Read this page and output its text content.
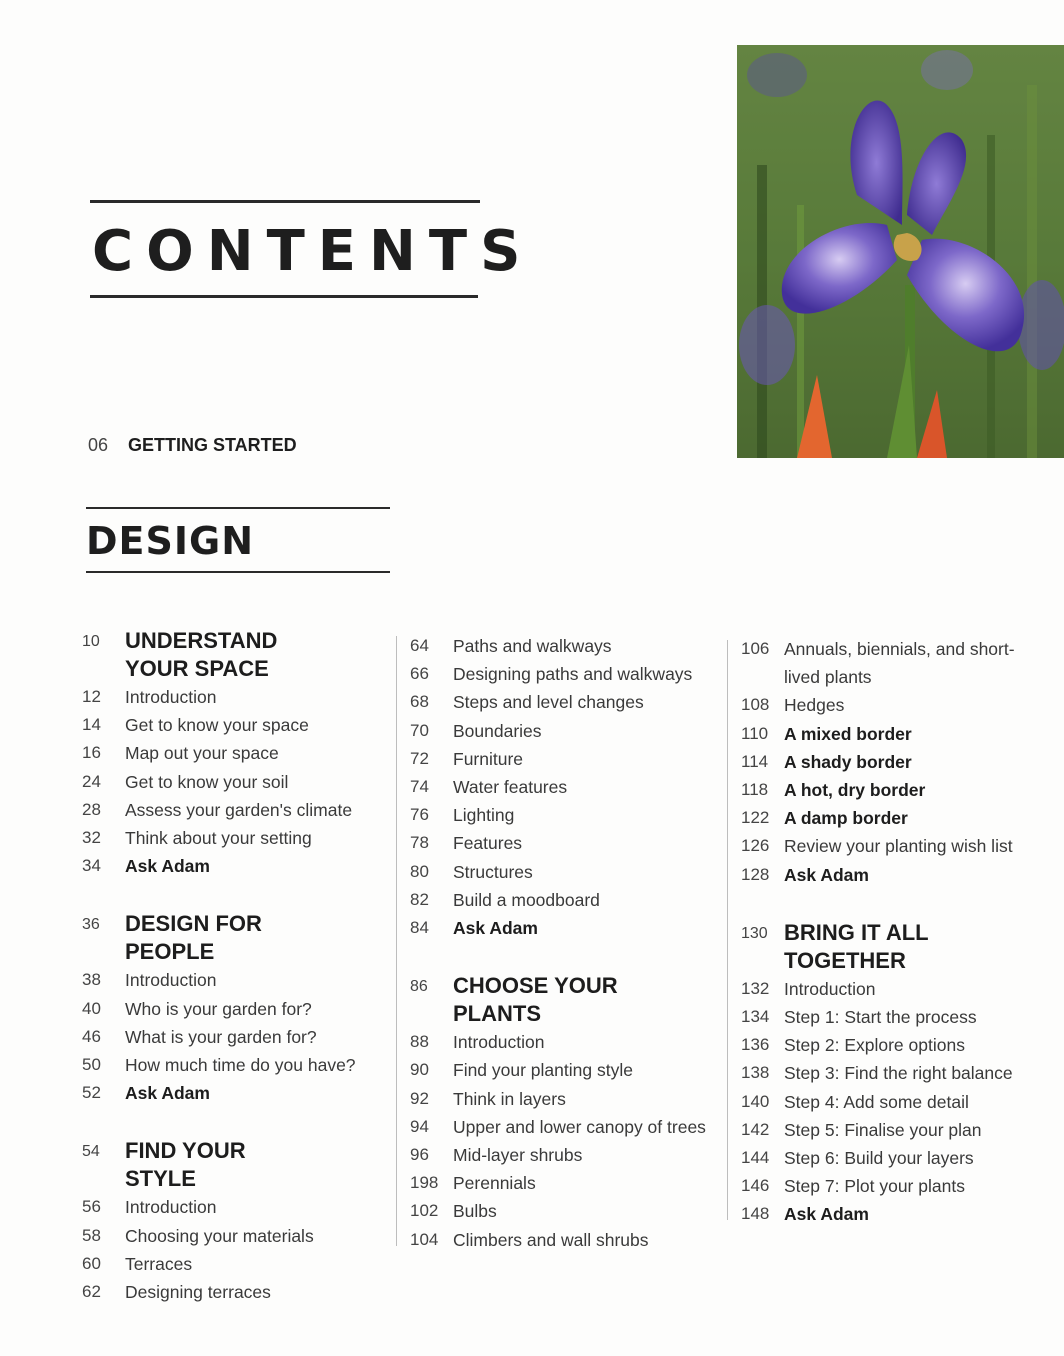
CONTENTS
06 GETTING STARTED
DESIGN
10	UNDERSTAND YOUR SPACE
12	Introduction
14	Get to know your space
16	Map out your space
24	Get to know your soil
28	Assess your garden's climate
32	Think about your setting
34	Ask Adam
36	DESIGN FOR PEOPLE
38	Introduction
40	Who is your garden for?
46	What is your garden for?
50	How much time do you have?
52	Ask Adam
54	FIND YOUR STYLE
56	Introduction
58	Choosing your materials
60	Terraces
62	Designing terraces
64	Paths and walkways
66	Designing paths and walkways
68	Steps and level changes
70	Boundaries
72	Furniture
74	Water features
76	Lighting
78	Features
80	Structures
82	Build a moodboard
84	Ask Adam
86	CHOOSE YOUR PLANTS
88	Introduction
90	Find your planting style
92	Think in layers
94	Upper and lower canopy of trees
96	Mid-layer shrubs
198 Perennials
102 Bulbs
104 Climbers and wall shrubs
106 Annuals, biennials, and short-lived plants
108 Hedges
110 A mixed border
114 A shady border
118 A hot, dry border
122 A damp border
126 Review your planting wish list
128 Ask Adam
130 BRING IT ALL TOGETHER
132 Introduction
134 Step 1: Start the process
136 Step 2: Explore options
138 Step 3: Find the right balance
140 Step 4: Add some detail
142 Step 5: Finalise your plan
144 Step 6: Build your layers
146 Step 7: Plot your plants
148 Ask Adam
